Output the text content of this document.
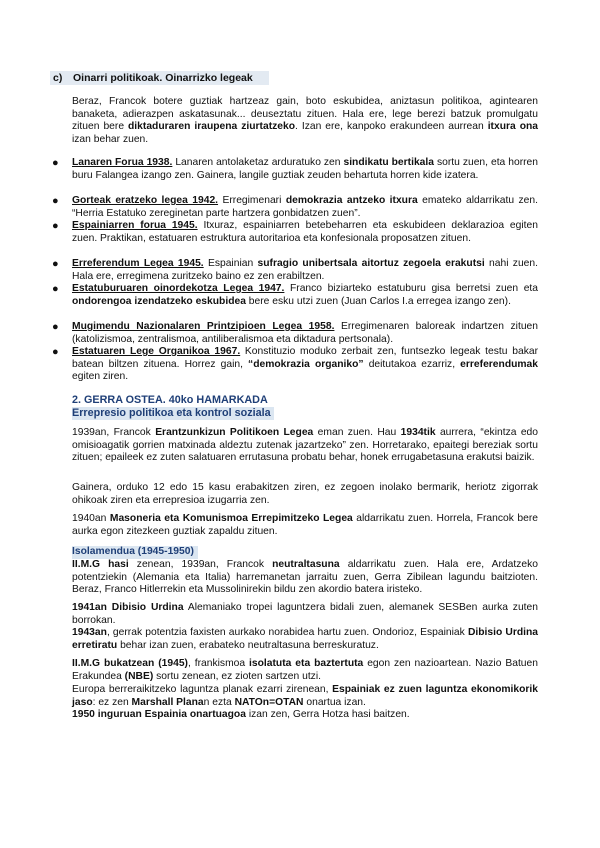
c) Oinarri politikoak. Oinarrizko legeak

Beraz, Francok botere guztiak hartzeaz gain, boto eskubidea, aniztasun politikoa, agintearen banaketa, adierazpen askatasunak... deuseztatu zituen. Hala ere, lege berezi batzuk promulgatu zituen bere diktaduraren iraupena ziurtatzeko. Izan ere, kanpoko erakundeen aurrean itxura ona izan behar zuen.

● Lanaren Forua 1938. Lanaren antolaketaz arduratuko zen sindikatu bertikala sortu zuen, eta horren buru Falangea izango zen. Gainera, langile guztiak zeuden behartuta horren kide izatera.

● Gorteak eratzeko legea 1942. Erregimenari demokrazia antzeko itxura emateko aldarrikatu zen. “Herria Estatuko zereginetan parte hartzera gonbidatzen zuen”.

● Espainiarren forua 1945. Itxuraz, espainiarren betebeharren eta eskubideen deklarazioa egiten zuen. Praktikan, estatuaren estruktura autoritarioa eta konfesionala proposatzen zituen.

● Erreferendum Legea 1945. Espainian sufragio unibertsala aitortuz zegoela erakutsi nahi zuen. Hala ere, erregimena zuritzeko baino ez zen erabiltzen.

● Estatuburuaren oinordekotza Legea 1947. Franco biziarteko estatuburu gisa berretsi zuen eta ondorengoa izendatzeko eskubidea bere esku utzi zuen (Juan Carlos I.a erregea izango zen).

● Mugimendu Nazionalaren Printzipioen Legea 1958. Erregimenaren baloreak indartzen zituen (katolizismoa, zentralismoa, antiliberalismoa eta diktadura pertsonala).

● Estatuaren Lege Organikoa 1967. Konstituzio moduko zerbait zen, funtsezko legeak testu bakar batean biltzen zituena. Horrez gain, “demokrazia organiko” deitutakoa ezarriz, erreferendumak egiten ziren.

2. GERRA OSTEA. 40ko HAMARKADA
Errepresio politikoa eta kontrol soziala

1939an, Francok Erantzunkizun Politikoen Legea eman zuen. Hau 1934tik aurrera, “ekintza edo omisioagatik gorrien matxinada aldeztu zutenak jazartzeko” zen. Horretarako, epaitegi bereziak sortu zituen; epaileek ez zuten salatuaren errutasuna probatu behar, honek errugabetasuna erakutsi baizik.

Gainera, orduko 12 edo 15 kasu erabakitzen ziren, ez zegoen inolako bermarik, heriotz zigorrak ohikoak ziren eta errepresioa izugarria zen.

1940an Masoneria eta Komunismoa Errepimitzeko Legea aldarrikatu zuen. Horrela, Francok bere aurka egon zitezkeen guztiak zapaldu zituen.

Isolamendua (1945-1950)

II.M.G hasi zenean, 1939an, Francok neutraltasuna aldarrikatu zuen. Hala ere, Ardatzeko potentziekin (Alemania eta Italia) harremanetan jarraitu zuen, Gerra Zibilean lagundu baitzioten. Beraz, Franco Hitlerrekin eta Mussolinirekin bildu zen akordio batera iristeko.

1941an Dibisio Urdina Alemaniako tropei laguntzera bidali zuen, alemanek SESBen aurka zuten borrokan.

1943an, gerrak potentzia faxisten aurkako norabidea hartu zuen. Ondorioz, Espainiak Dibisio Urdina erretiratu behar izan zuen, erabateko neutraltasuna berreskuratuz.

II.M.G bukatzean (1945), frankismoa isolatuta eta baztertuta egon zen nazioartean. Nazio Batuen Erakundea (NBE) sortu zenean, ez zioten sartzen utzi.

Europa berreraikitzeko laguntza planak ezarri zirenean, Espainiak ez zuen laguntza ekonomikorik jaso: ez zen Marshall Planan ezta NATOn=OTAN onartua izan.

1950 inguruan Espainia onartuagoa izan zen, Gerra Hotza hasi baitzen.
